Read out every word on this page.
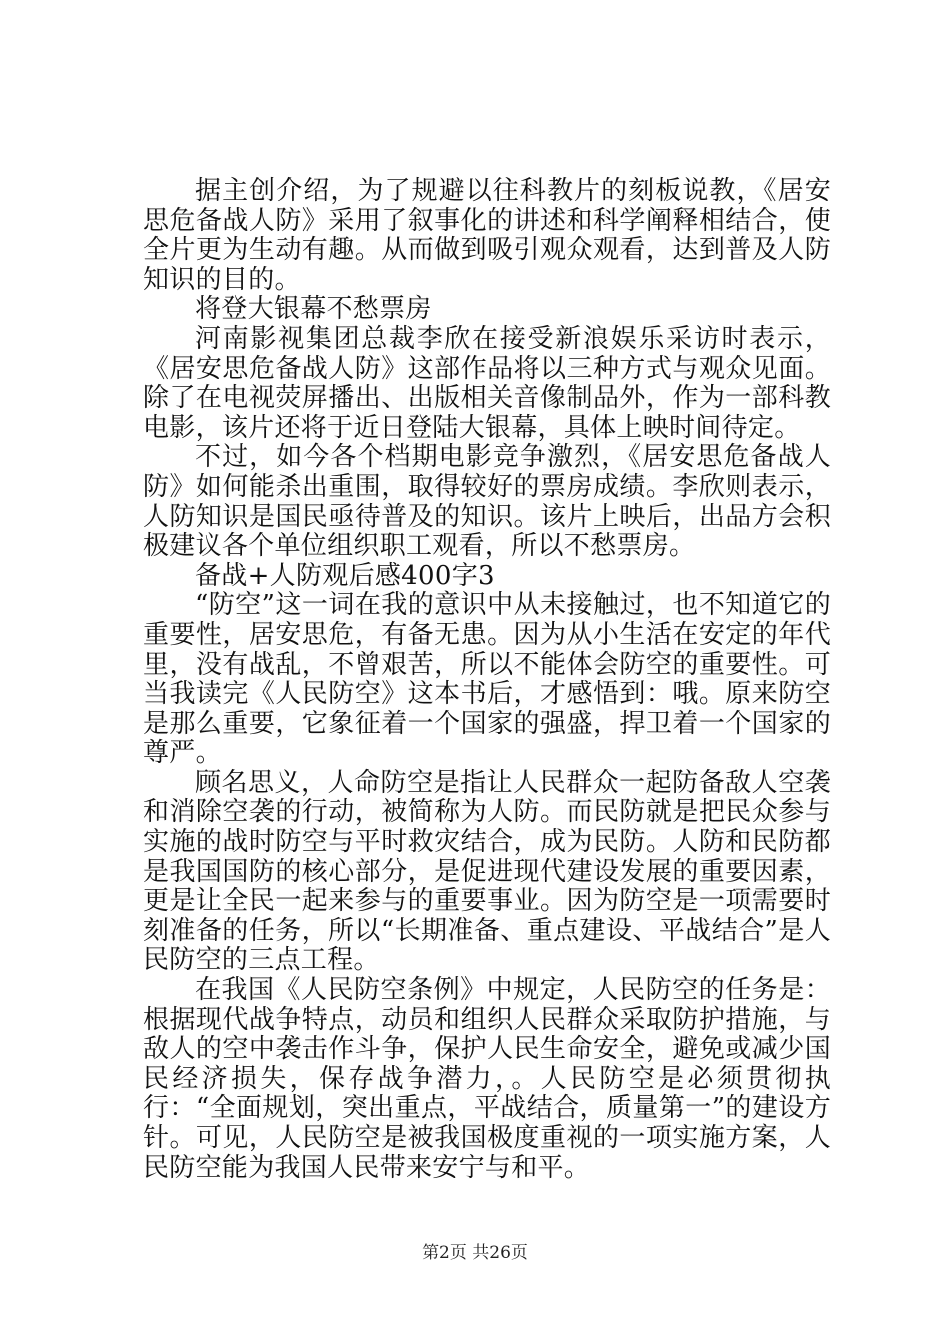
据主创介绍，为了规避以往科教片的刻板说教，《居安思危备战人防》采用了叙事化的讲述和科学阐释相结合，使全片更为生动有趣。从而做到吸引观众观看，达到普及人防知识的目的。

将登大银幕不愁票房

河南影视集团总裁李欣在接受新浪娱乐采访时表示，《居安思危备战人防》这部作品将以三种方式与观众见面。除了在电视荧屏播出、出版相关音像制品外，作为一部科教电影，该片还将于近日登陆大银幕，具体上映时间待定。

不过，如今各个档期电影竞争激烈，《居安思危备战人防》如何能杀出重围，取得较好的票房成绩。李欣则表示，人防知识是国民亟待普及的知识。该片上映后，出品方会积极建议各个单位组织职工观看，所以不愁票房。

备战+人防观后感400字3

“防空”这一词在我的意识中从未接触过，也不知道它的重要性，居安思危，有备无患。因为从小生活在安定的年代里，没有战乱，不曾艰苦，所以不能体会防空的重要性。可当我读完《人民防空》这本书后，才感悟到：哦。原来防空是那么重要，它象征着一个国家的强盛，捍卫着一个国家的尊严。

顾名思义，人命防空是指让人民群众一起防备敌人空袭和消除空袭的行动，被简称为人防。而民防就是把民众参与实施的战时防空与平时救灾结合，成为民防。人防和民防都是我国国防的核心部分，是促进现代建设发展的重要因素，更是让全民一起来参与的重要事业。因为防空是一项需要时刻准备的任务，所以“长期准备、重点建设、平战结合”是人民防空的三点工程。

在我国《人民防空条例》中规定，人民防空的任务是：根据现代战争特点，动员和组织人民群众采取防护措施，与敌人的空中袭击作斗争，保护人民生命安全，避免或减少国民经济损失，保存战争潜力，。人民防空是必须贯彻执行：“全面规划，突出重点，平战结合，质量第一”的建设方针。可见，人民防空是被我国极度重视的一项实施方案，人民防空能为我国人民带来安宁与和平。

第2页 共26页
